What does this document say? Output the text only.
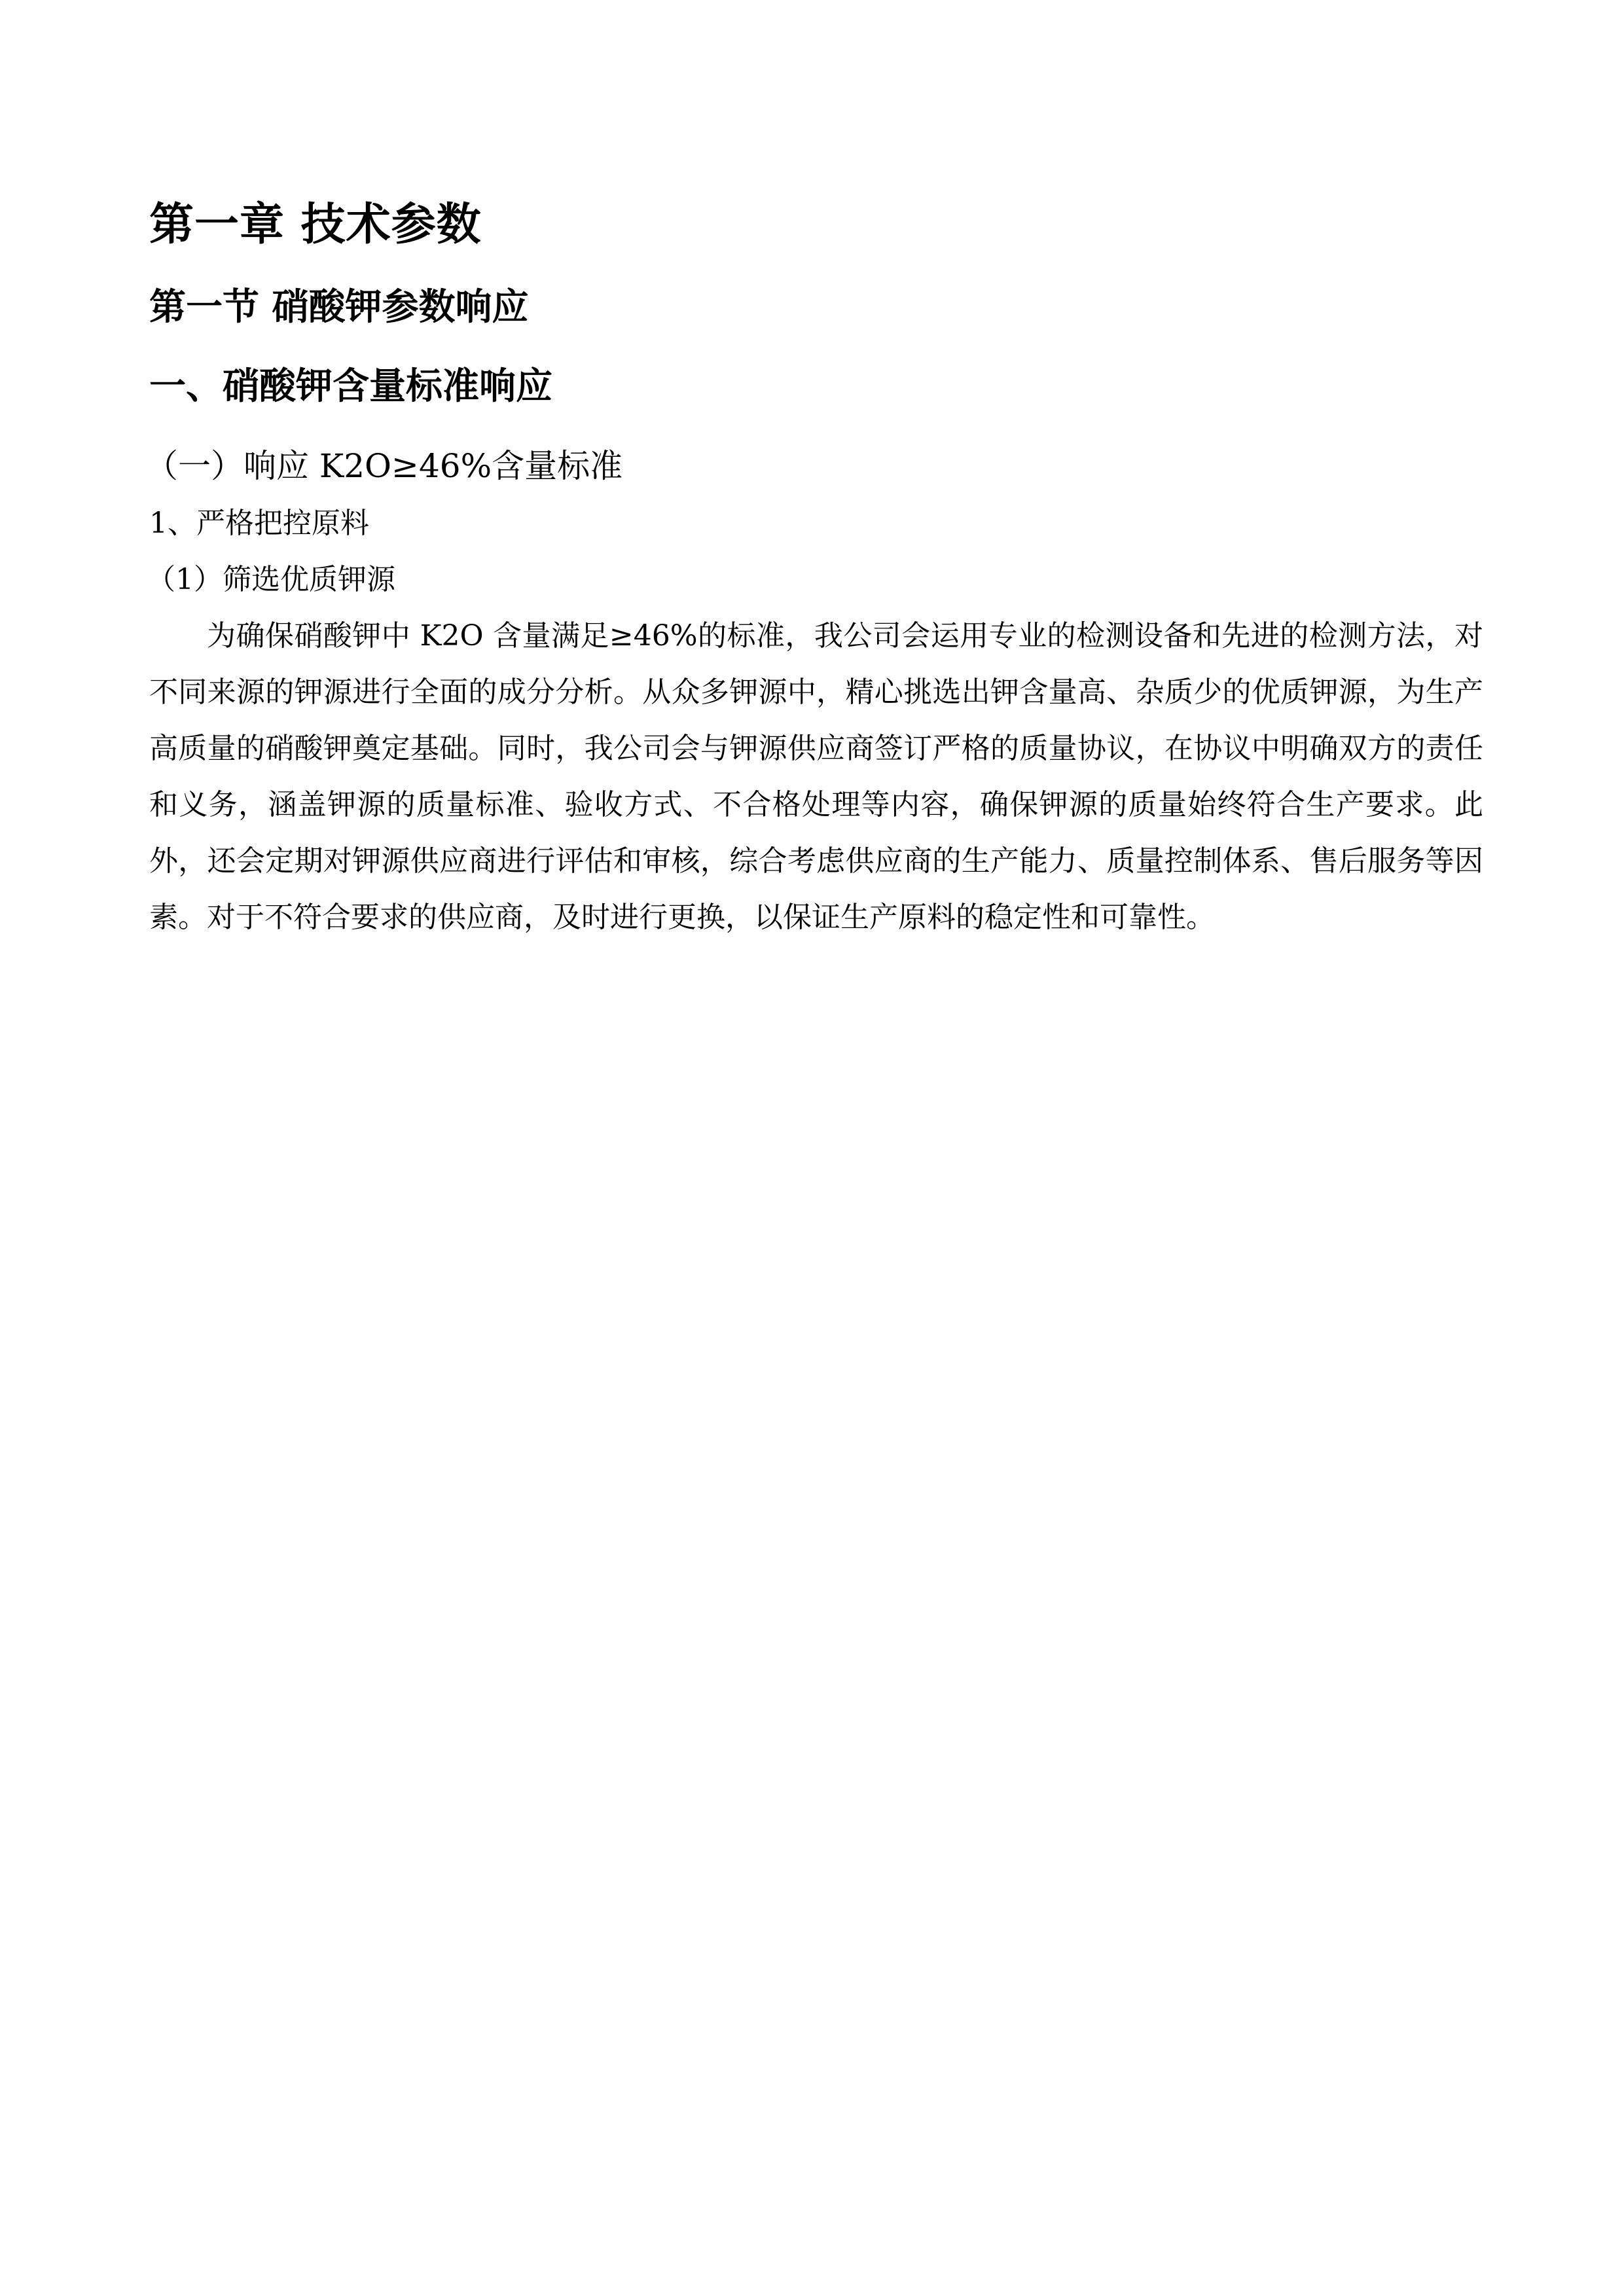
第一章 技术参数
第一节 硝酸钾参数响应
一、硝酸钾含量标准响应
（一）响应 K2O≥46%含量标准

1、严格把控原料

（1）筛选优质钾源

为确保硝酸钾中 K2O 含量满足≥46%的标准，我公司会运用专业的检测设备和先进的检测方法，对不同来源的钾源进行全面的成分分析。从众多钾源中，精心挑选出钾含量高、杂质少的优质钾源，为生产高质量的硝酸钾奠定基础。同时，我公司会与钾源供应商签订严格的质量协议，在协议中明确双方的责任和义务，涵盖钾源的质量标准、验收方式、不合格处理等内容，确保钾源的质量始终符合生产要求。此外，还会定期对钾源供应商进行评估和审核，综合考虑供应商的生产能力、质量控制体系、售后服务等因素。对于不符合要求的供应商，及时进行更换，以保证生产原料的稳定性和可靠性。
